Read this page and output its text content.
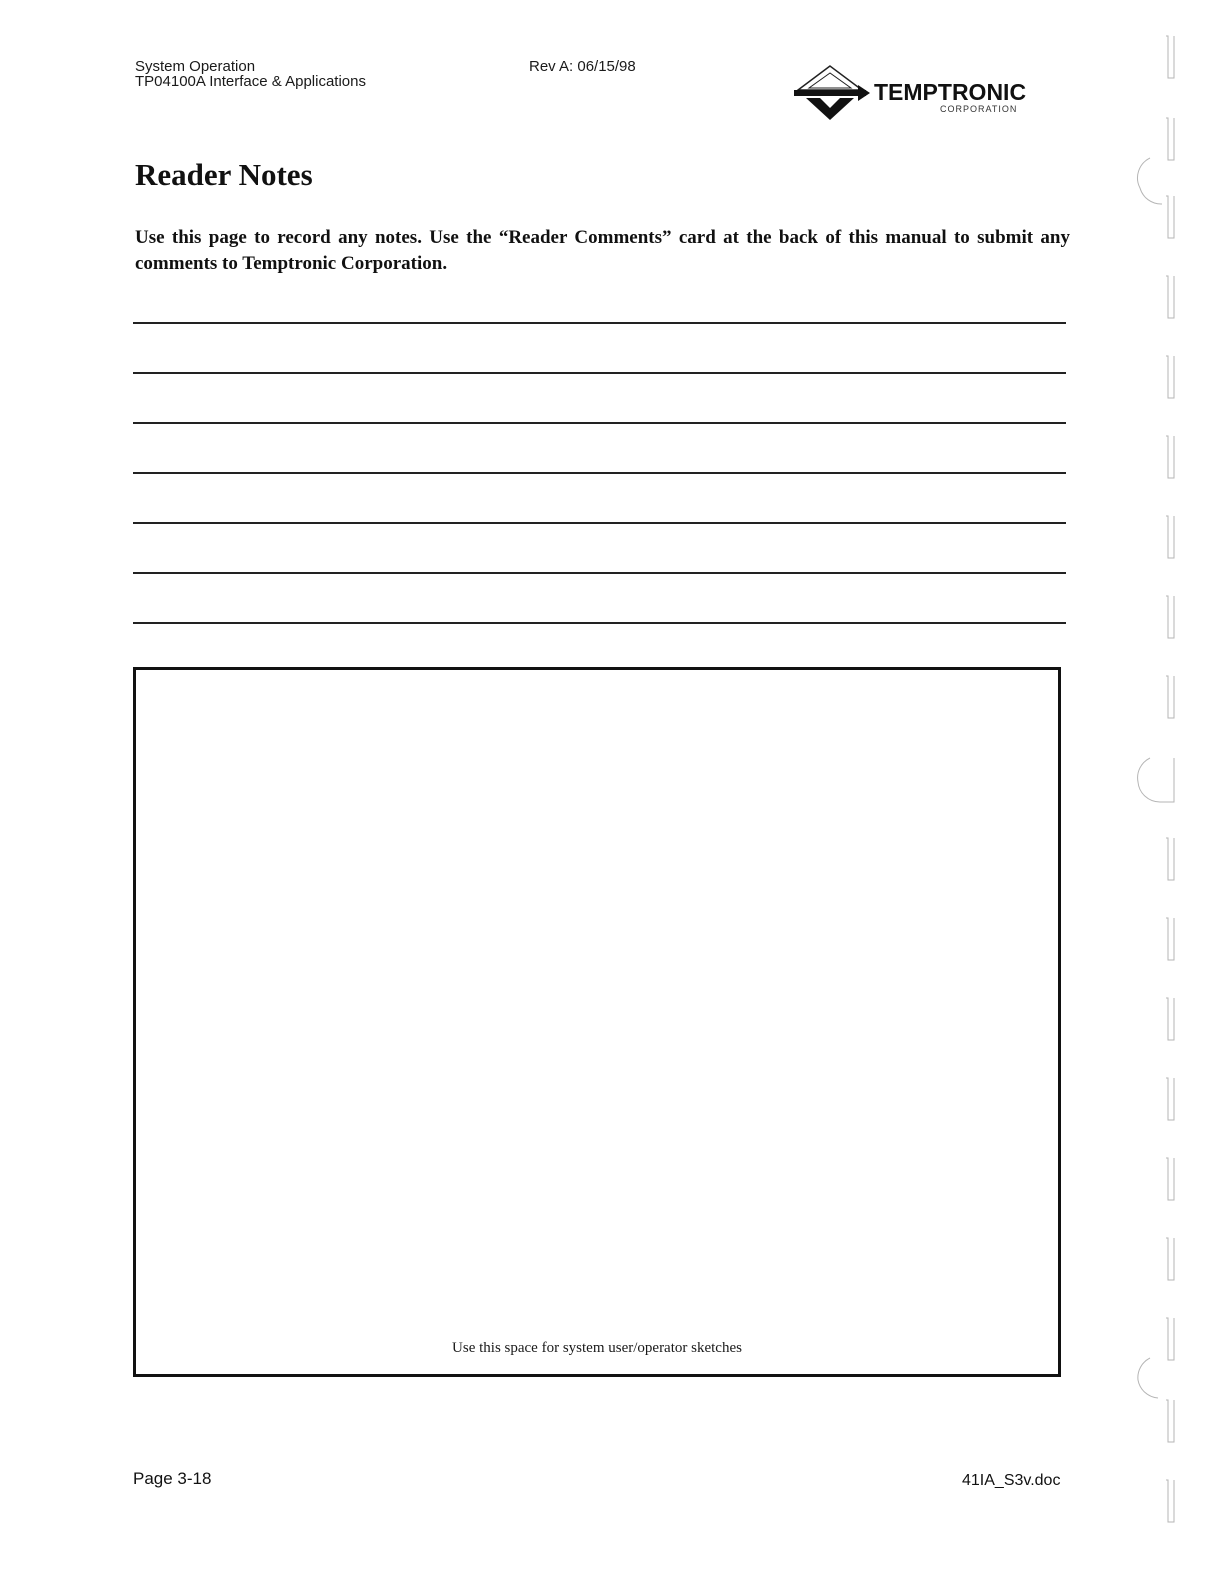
System Operation
TP04100A Interface & Applications
Rev A: 06/15/98
TEMPTRONIC
CORPORATION
Reader Notes

Use this page to record any notes. Use the “Reader Comments” card at the back of this manual to submit any comments to Temptronic Corporation.

Use this space for system user/operator sketches
Page 3-18	41IA_S3v.doc
